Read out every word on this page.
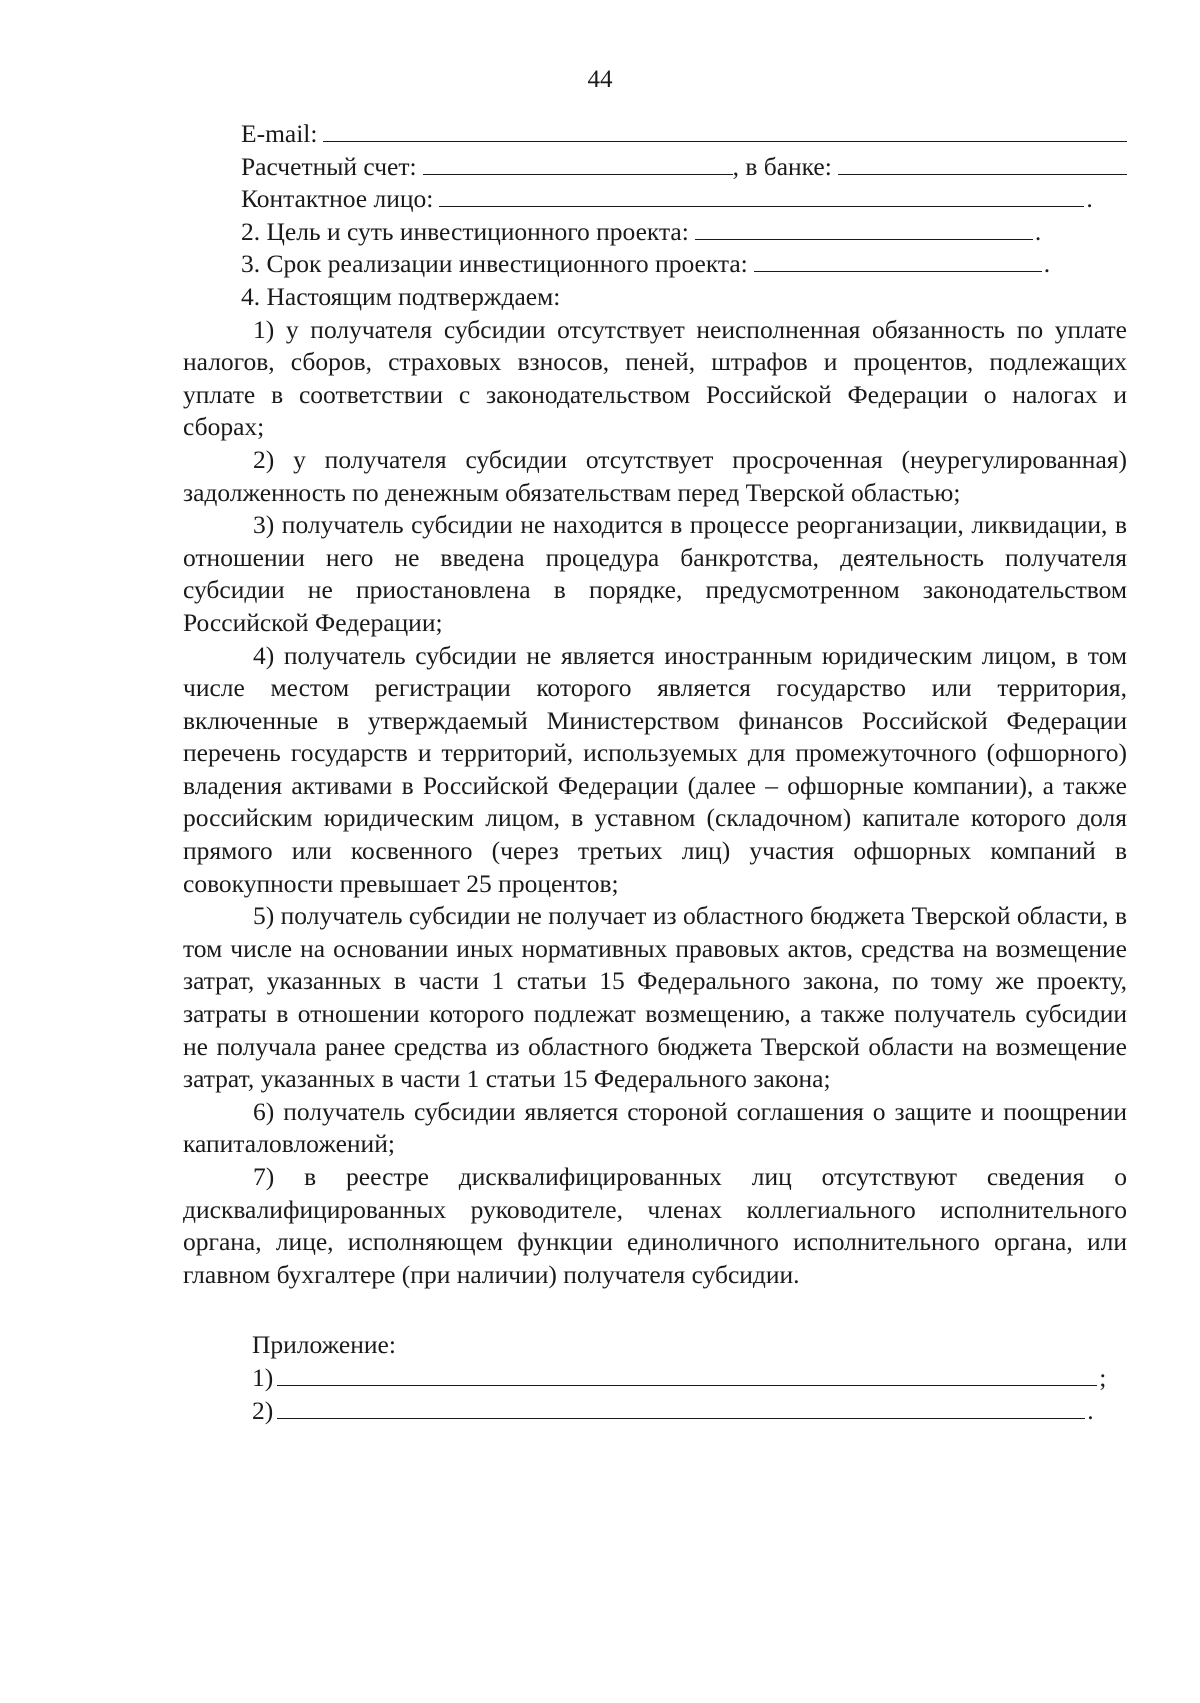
44
E-mail:
Расчетный счет:	, в банке:
Контактное лицо:	.
2. Цель и суть инвестиционного проекта:	.
3. Срок реализации инвестиционного проекта:	.
4. Настоящим подтверждаем:

1) у получателя субсидии отсутствует неисполненная обязанность по уплате налогов, сборов, страховых взносов, пеней, штрафов и процентов, подлежащих уплате в соответствии с законодательством Российской Федерации о налогах и сборах;

2) у получателя субсидии отсутствует просроченная (неурегулированная) задолженность по денежным обязательствам перед Тверской областью;

3) получатель субсидии не находится в процессе реорганизации, ликвидации, в отношении него не введена процедура банкротства, деятельность получателя субсидии не приостановлена в порядке, предусмотренном законодательством Российской Федерации;

4) получатель субсидии не является иностранным юридическим лицом, в том числе местом регистрации которого является государство или территория, включенные в утверждаемый Министерством финансов Российской Федерации перечень государств и территорий, используемых для промежуточного (офшорного) владения активами в Российской Федерации (далее – офшорные компании), а также российским юридическим лицом, в уставном (складочном) капитале которого доля прямого или косвенного (через третьих лиц) участия офшорных компаний в совокупности превышает 25 процентов;

5) получатель субсидии не получает из областного бюджета Тверской области, в том числе на основании иных нормативных правовых актов, средства на возмещение затрат, указанных в части 1 статьи 15 Федерального закона, по тому же проекту, затраты в отношении которого подлежат возмещению, а также получатель субсидии не получала ранее средства из областного бюджета Тверской области на возмещение затрат, указанных в части 1 статьи 15 Федерального закона;

6) получатель субсидии является стороной соглашения о защите и поощрении капиталовложений;

7) в реестре дисквалифицированных лиц отсутствуют сведения о дисквалифицированных руководителе, членах коллегиального исполнительного органа, лице, исполняющем функции единоличного исполнительного органа, или главном бухгалтере (при наличии) получателя субсидии.

Приложение:
1)	;
2)	.
